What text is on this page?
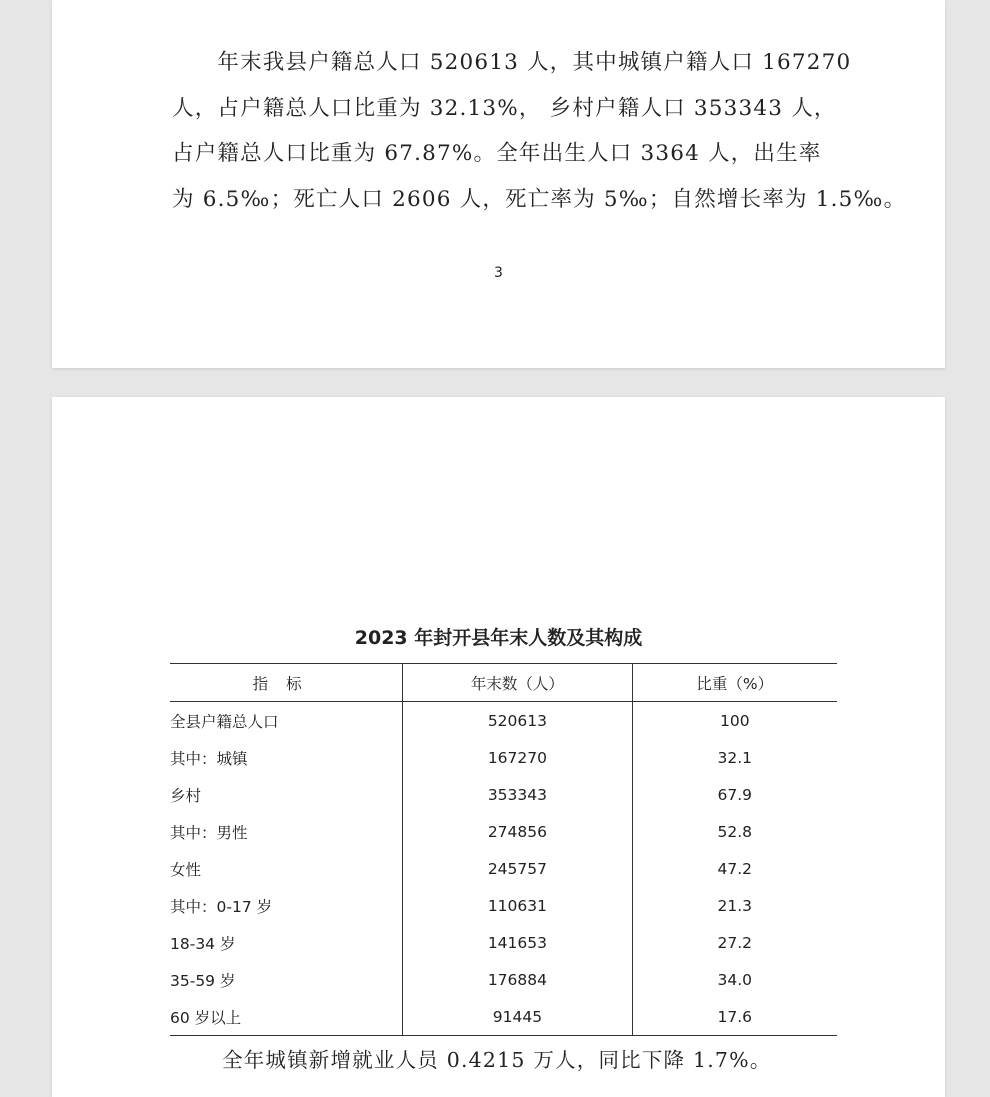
　　年末我县户籍总人口 520613 人，其中城镇户籍人口 167270
人，占户籍总人口比重为 32.13%， 乡村户籍人口 353343 人，
占户籍总人口比重为 67.87%。全年出生人口 3364 人，出生率
为 6.5‰；死亡人口 2606 人，死亡率为 5‰；自然增长率为 1.5‰。

3
2023 年封开县年末人数及其构成
指标	年末数（人）	比重（%）
全县户籍总人口	520613	100
其中：城镇	167270	32.1
乡村	353343	67.9
其中：男性	274856	52.8
女性	245757	47.2
其中：0-17 岁	110631	21.3
18-34 岁	141653	27.2
35-59 岁	176884	34.0
60 岁以上	91445	17.6
全年城镇新增就业人员 0.4215 万人，同比下降 1.7%。
